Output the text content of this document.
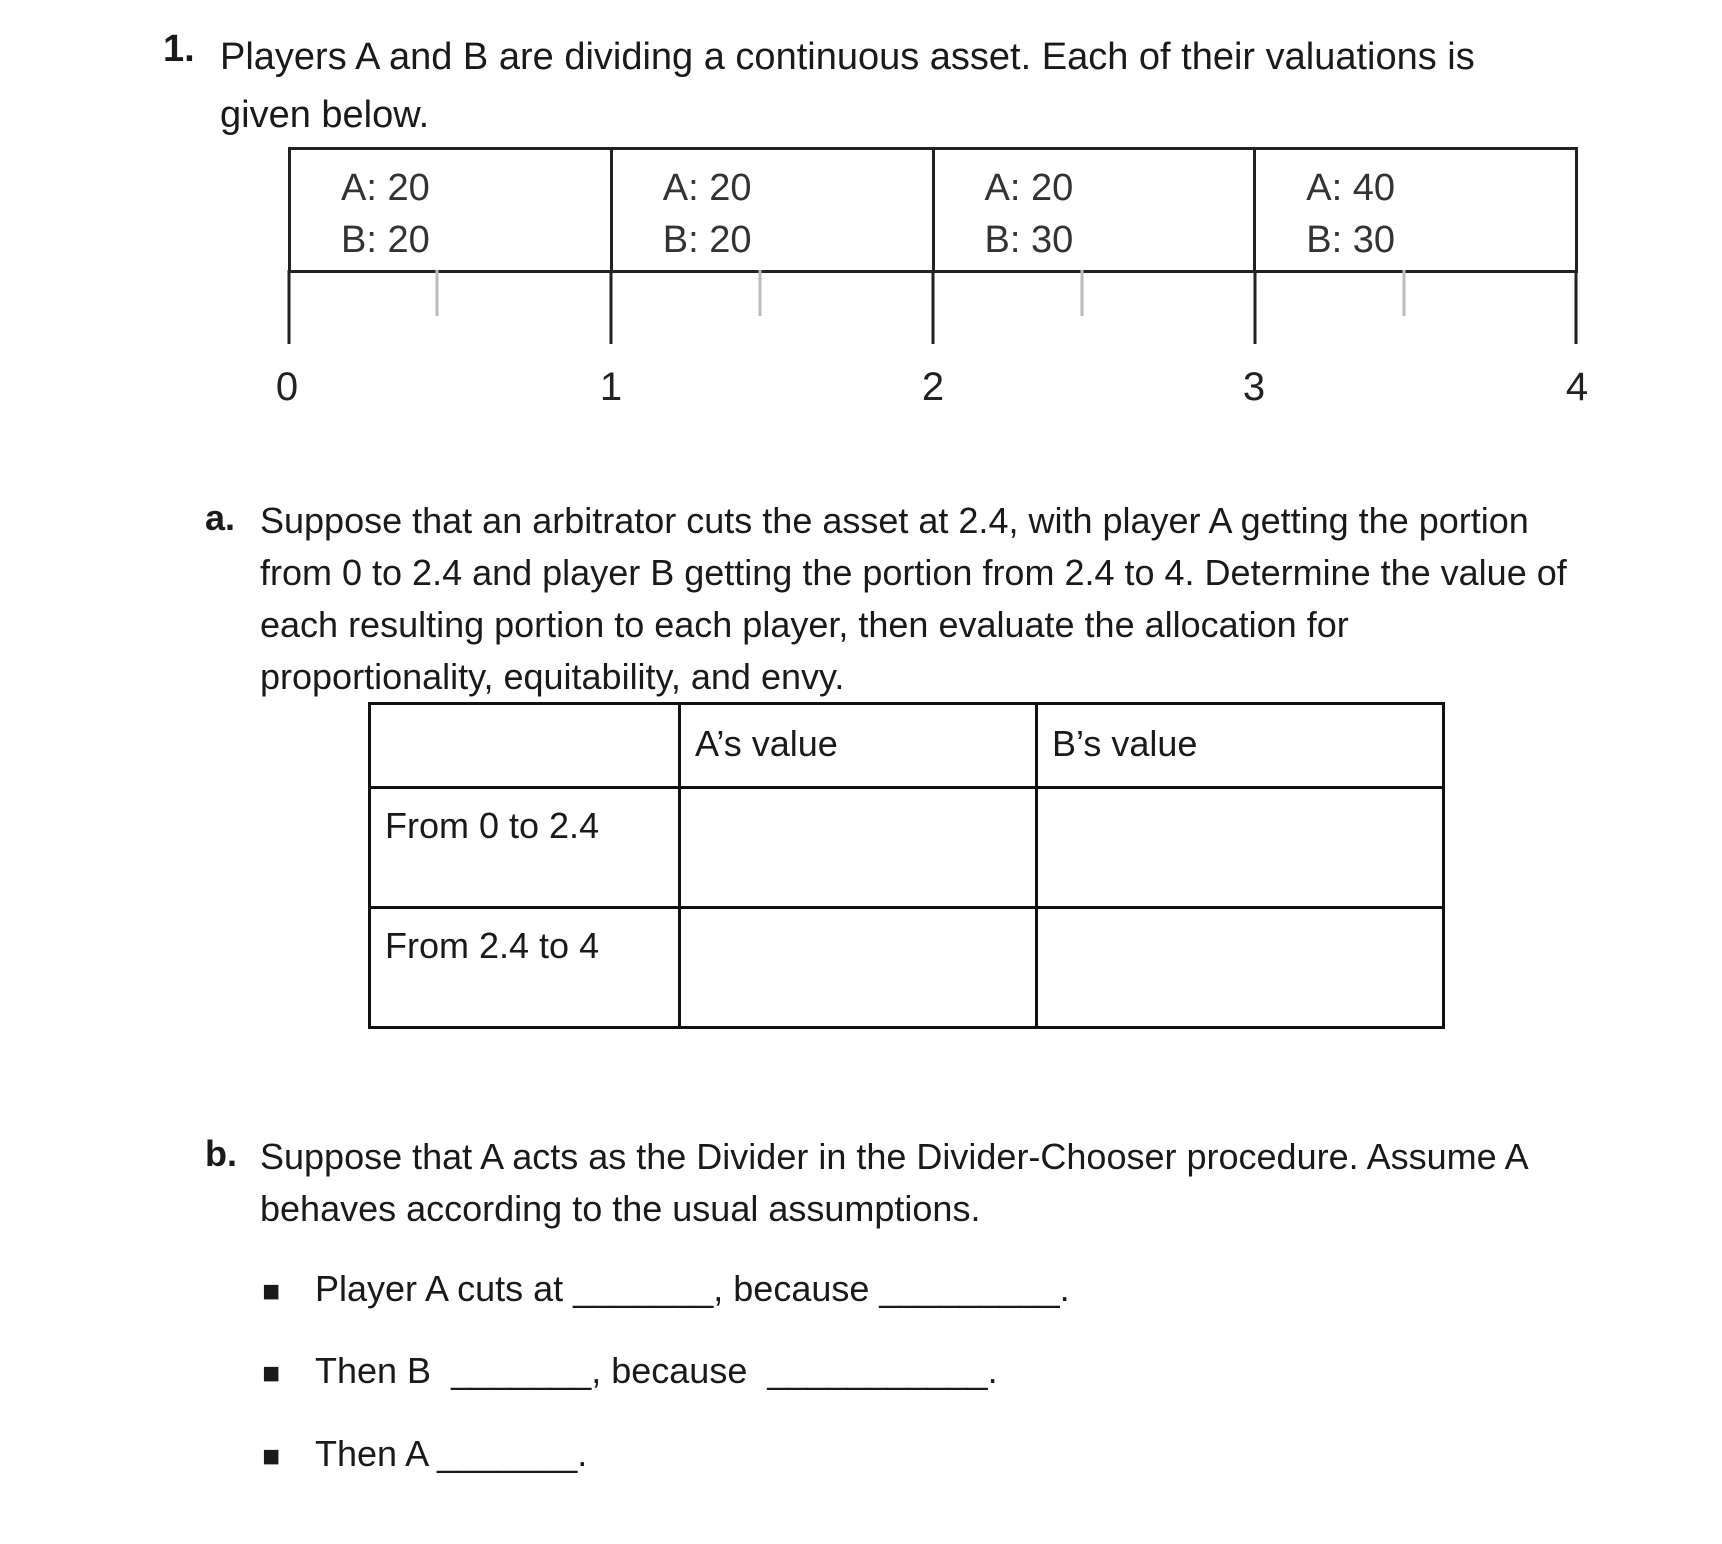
1. Players A and B are dividing a continuous asset. Each of their valuations is given below.
A: 20
B: 20
A: 20
B: 20
A: 20
B: 30
A: 40
B: 30
0	1	2	3	4
a. Suppose that an arbitrator cuts the asset at 2.4, with player A getting the portion from 0 to 2.4 and player B getting the portion from 2.4 to 4. Determine the value of each resulting portion to each player, then evaluate the allocation for proportionality, equitability, and envy.
	A’s value	B’s value
From 0 to 2.4		
From 2.4 to 4		
b. Suppose that A acts as the Divider in the Divider-Chooser procedure. Assume A behaves according to the usual assumptions.
■ Player A cuts at _______, because _________.
■ Then B  _______, because  ___________.
■ Then A _______.
